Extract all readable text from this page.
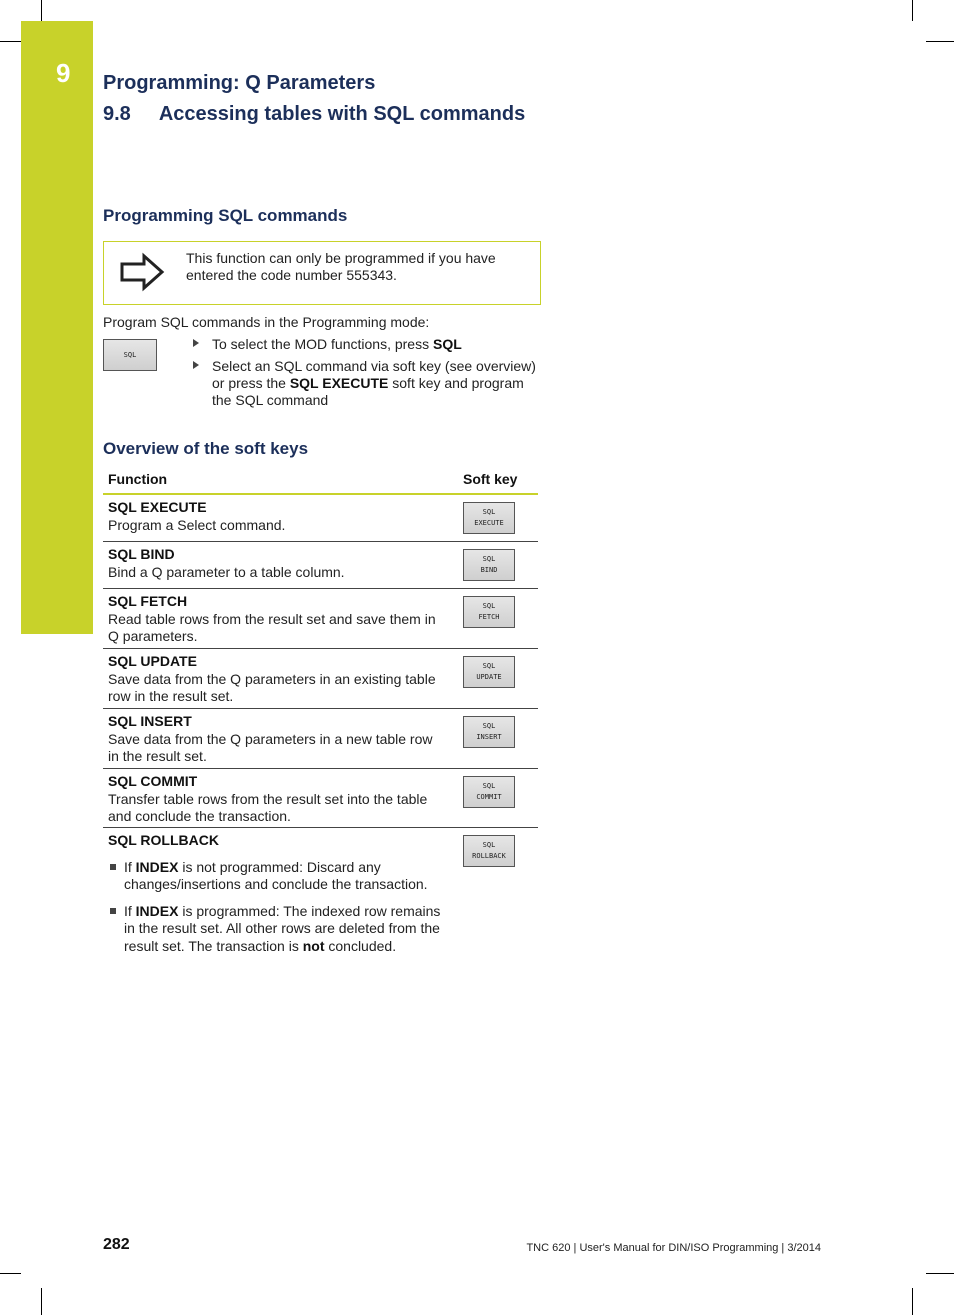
9 Programming: Q Parameters
9.8 Accessing tables with SQL commands
Programming SQL commands
This function can only be programmed if you have entered the code number 555343.
Program SQL commands in the Programming mode:
SQL
To select the MOD functions, press SQL
Select an SQL command via soft key (see overview) or press the SQL EXECUTE soft key and program the SQL command
Overview of the soft keys
Function	Soft key
SQL EXECUTE
Program a Select command.
SQL
EXECUTE
SQL BIND
Bind a Q parameter to a table column.
SQL
BIND
SQL FETCH
Read table rows from the result set and save them in Q parameters.
SQL
FETCH
SQL UPDATE
Save data from the Q parameters in an existing table row in the result set.
SQL
UPDATE
SQL INSERT
Save data from the Q parameters in a new table row in the result set.
SQL
INSERT
SQL COMMIT
Transfer table rows from the result set into the table and conclude the transaction.
SQL
COMMIT
SQL ROLLBACK
If INDEX is not programmed: Discard any changes/insertions and conclude the transaction.
If INDEX is programmed: The indexed row remains in the result set. All other rows are deleted from the result set. The transaction is not concluded.
SQL
ROLLBACK
282	TNC 620 | User's Manual for DIN/ISO Programming | 3/2014
